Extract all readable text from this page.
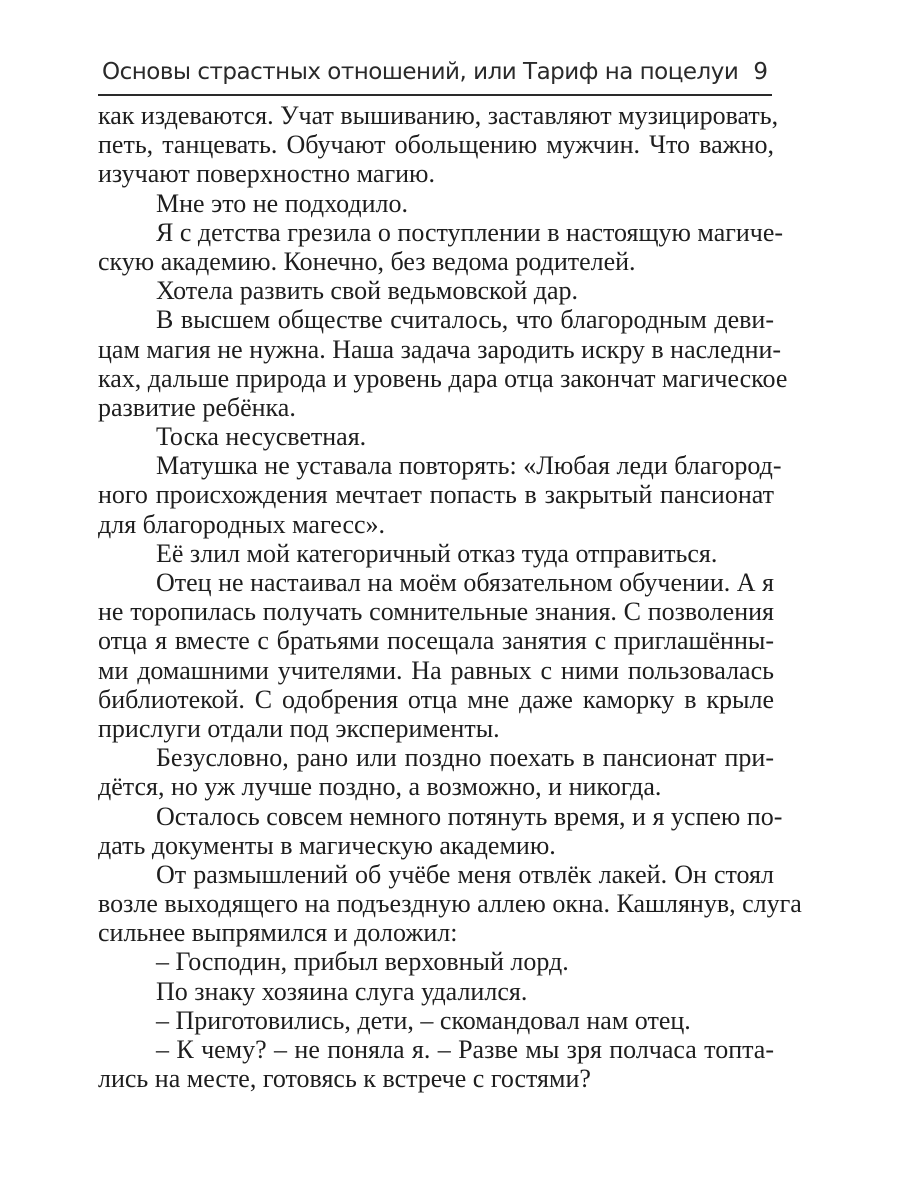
Основы страстных отношений, или Тариф на поцелуи 9
как издеваются. Учат вышиванию, заставляют музицировать,
петь, танцевать. Обучают обольщению мужчин. Что важно,
изучают поверхностно магию.
Мне это не подходило.
Я с детства грезила о поступлении в настоящую магиче-
скую академию. Конечно, без ведома родителей.
Хотела развить свой ведьмовской дар.
В высшем обществе считалось, что благородным деви-
цам магия не нужна. Наша задача зародить искру в наследни-
ках, дальше природа и уровень дара отца закончат магическое
развитие ребёнка.
Тоска несусветная.
Матушка не уставала повторять: «Любая леди благород-
ного происхождения мечтает попасть в закрытый пансионат
для благородных магесс».
Её злил мой категоричный отказ туда отправиться.
Отец не настаивал на моём обязательном обучении. А я
не торопилась получать сомнительные знания. С позволения
отца я вместе с братьями посещала занятия с приглашённы-
ми домашними учителями. На равных с ними пользовалась
библиотекой. С одобрения отца мне даже каморку в крыле
прислуги отдали под эксперименты.
Безусловно, рано или поздно поехать в пансионат при-
дётся, но уж лучше поздно, а возможно, и никогда.
Осталось совсем немного потянуть время, и я успею по-
дать документы в магическую академию.
От размышлений об учёбе меня отвлёк лакей. Он стоял
возле выходящего на подъездную аллею окна. Кашлянув, слуга
сильнее выпрямился и доложил:
– Господин, прибыл верховный лорд.
По знаку хозяина слуга удалился.
– Приготовились, дети, – скомандовал нам отец.
– К чему? – не поняла я. – Разве мы зря полчаса топта-
лись на месте, готовясь к встрече с гостями?
